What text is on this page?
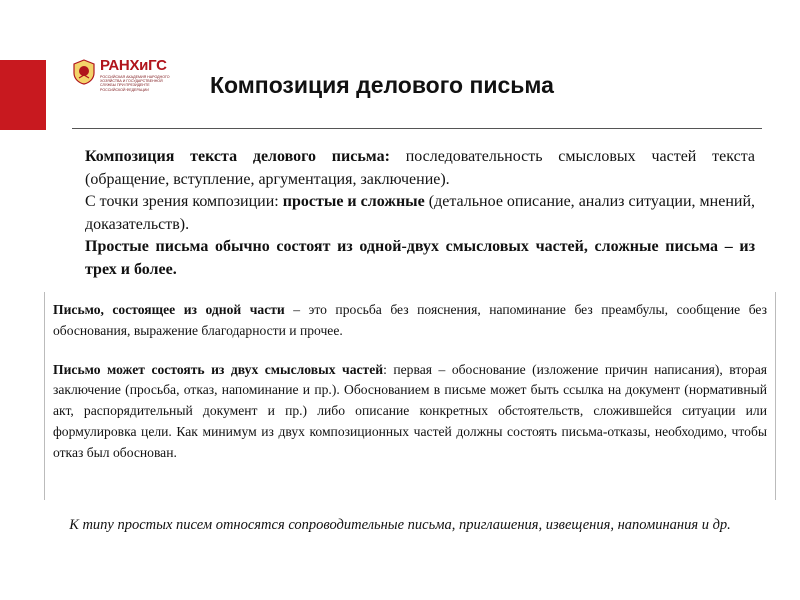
РАНХиГС
РОССИЙСКАЯ АКАДЕМИЯ НАРОДНОГО ХОЗЯЙСТВА И ГОСУДАРСТВЕННОЙ СЛУЖБЫ ПРИ ПРЕЗИДЕНТЕ РОССИЙСКОЙ ФЕДЕРАЦИИ	Композиция делового письма

Композиция текста делового письма: последовательность смысловых частей текста (обращение, вступление, аргументация, заключение).

С точки зрения композиции: простые и сложные (детальное описание, анализ ситуации, мнений, доказательств).

Простые письма обычно состоят из одной-двух смысловых частей, сложные письма – из трех и более.

Письмо, состоящее из одной части – это просьба без пояснения, напоминание без преамбулы, сообщение без обоснования, выражение благодарности и прочее.

Письмо может состоять из двух смысловых частей: первая – обоснование (изложение причин написания), вторая заключение (просьба, отказ, напоминание и пр.). Обоснованием в письме может быть ссылка на документ (нормативный акт, распорядительный документ и пр.) либо описание конкретных обстоятельств, сложившейся ситуации или формулировка цели. Как минимум из двух композиционных частей должны состоять письма-отказы, необходимо, чтобы отказ был обоснован.

К типу простых писем относятся сопроводительные письма, приглашения, извещения, напоминания и др.
